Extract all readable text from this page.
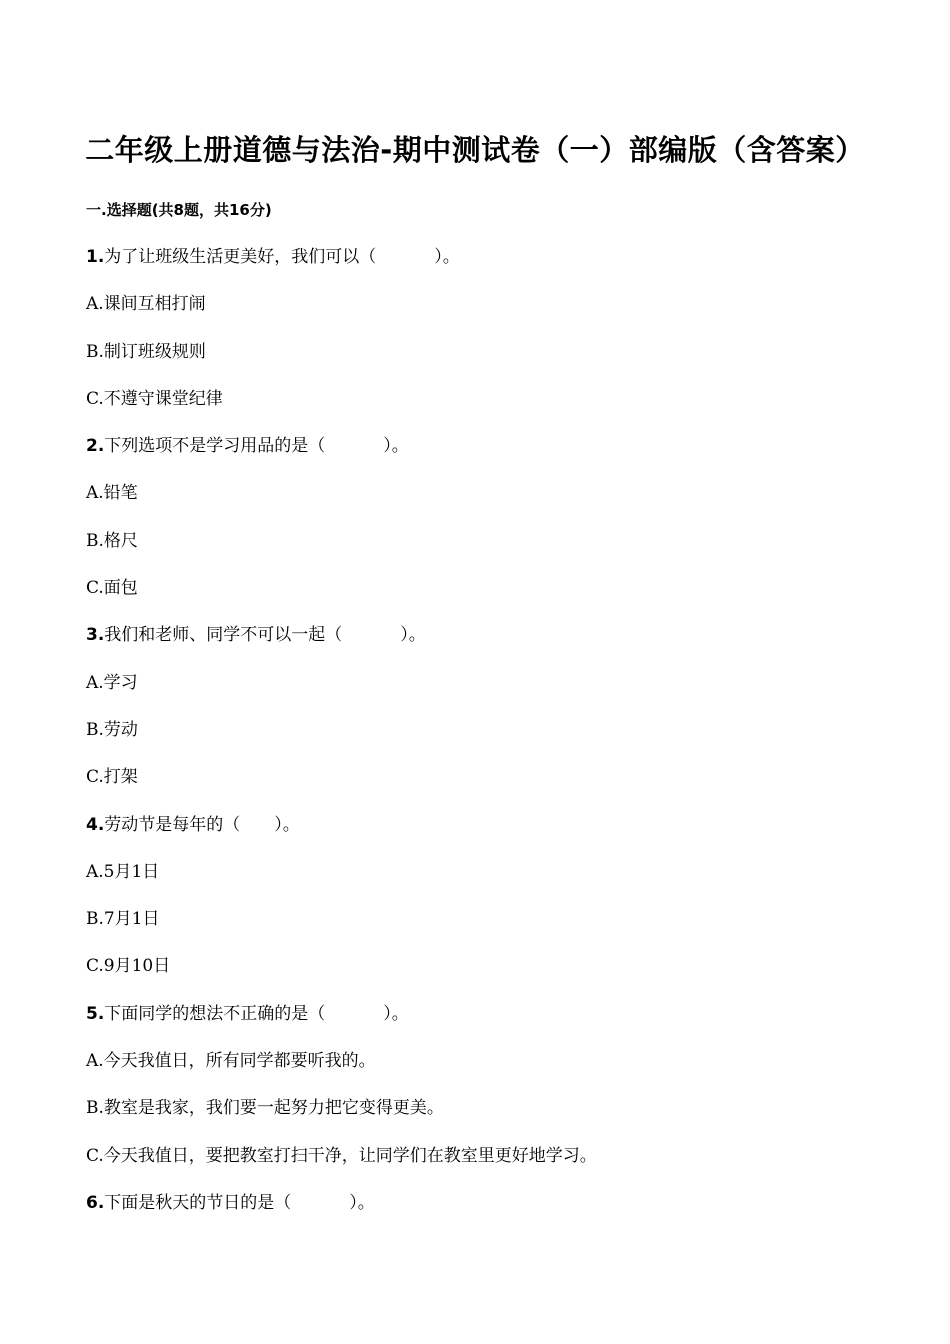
二年级上册道德与法治-期中测试卷（一）部编版（含答案）
一.选择题(共8题，共16分)
1.为了让班级生活更美好，我们可以（	）。
A.课间互相打闹
B.制订班级规则
C.不遵守课堂纪律
2.下列选项不是学习用品的是（	）。
A.铅笔
B.格尺
C.面包
3.我们和老师、同学不可以一起（	）。
A.学习
B.劳动
C.打架
4.劳动节是每年的（ ）。
A.5月1日
B.7月1日
C.9月10日
5.下面同学的想法不正确的是（	）。
A.今天我值日，所有同学都要听我的。
B.教室是我家，我们要一起努力把它变得更美。
C.今天我值日，要把教室打扫干净，让同学们在教室里更好地学习。
6.下面是秋天的节日的是（	）。
